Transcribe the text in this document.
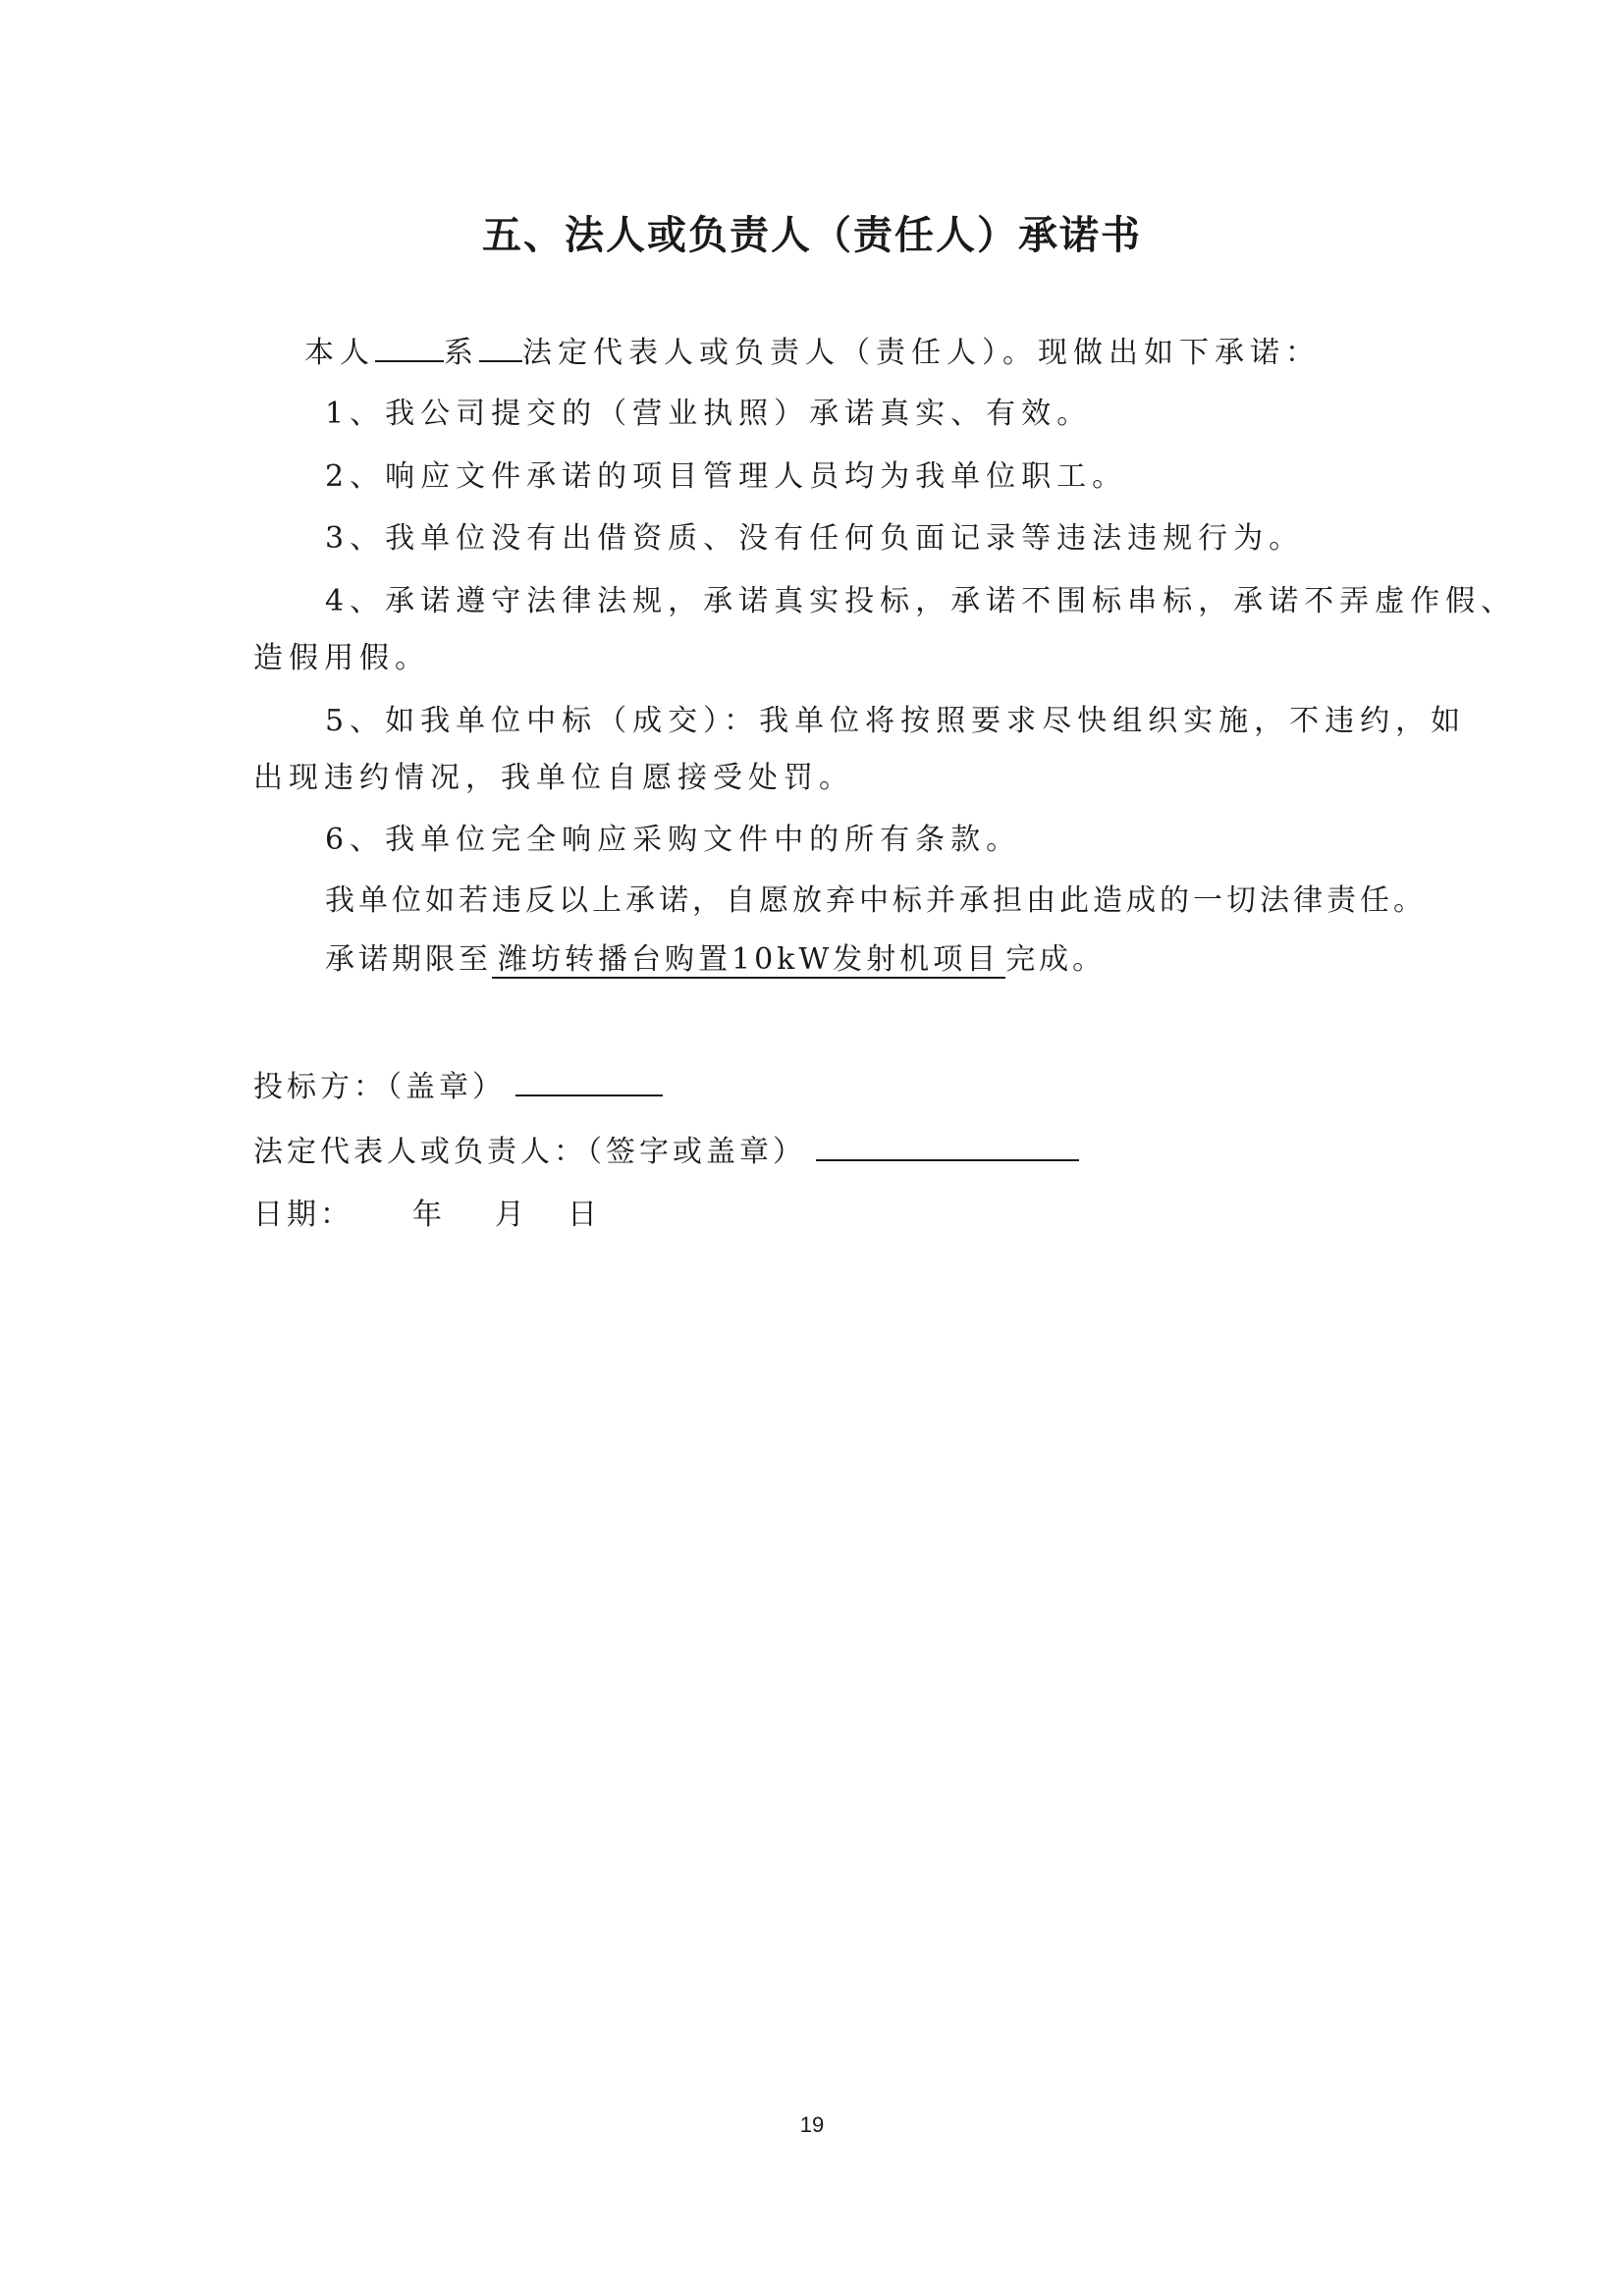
五、法人或负责人（责任人）承诺书
本人 系 法定代表人或负责人（责任人）。现做出如下承诺：
1、我公司提交的（营业执照）承诺真实、有效。
2、响应文件承诺的项目管理人员均为我单位职工。
3、我单位没有出借资质、没有任何负面记录等违法违规行为。
4、承诺遵守法律法规，承诺真实投标，承诺不围标串标，承诺不弄虚作假、
造假用假。
5、如我单位中标（成交）：我单位将按照要求尽快组织实施，不违约，如
出现违约情况，我单位自愿接受处罚。
6、我单位完全响应采购文件中的所有条款。
我单位如若违反以上承诺，自愿放弃中标并承担由此造成的一切法律责任。
承诺期限至 潍坊转播台购置10kW发射机项目 完成。
投标方：（盖章）
法定代表人或负责人：（签字或盖章）
日期： 年 月 日
19
